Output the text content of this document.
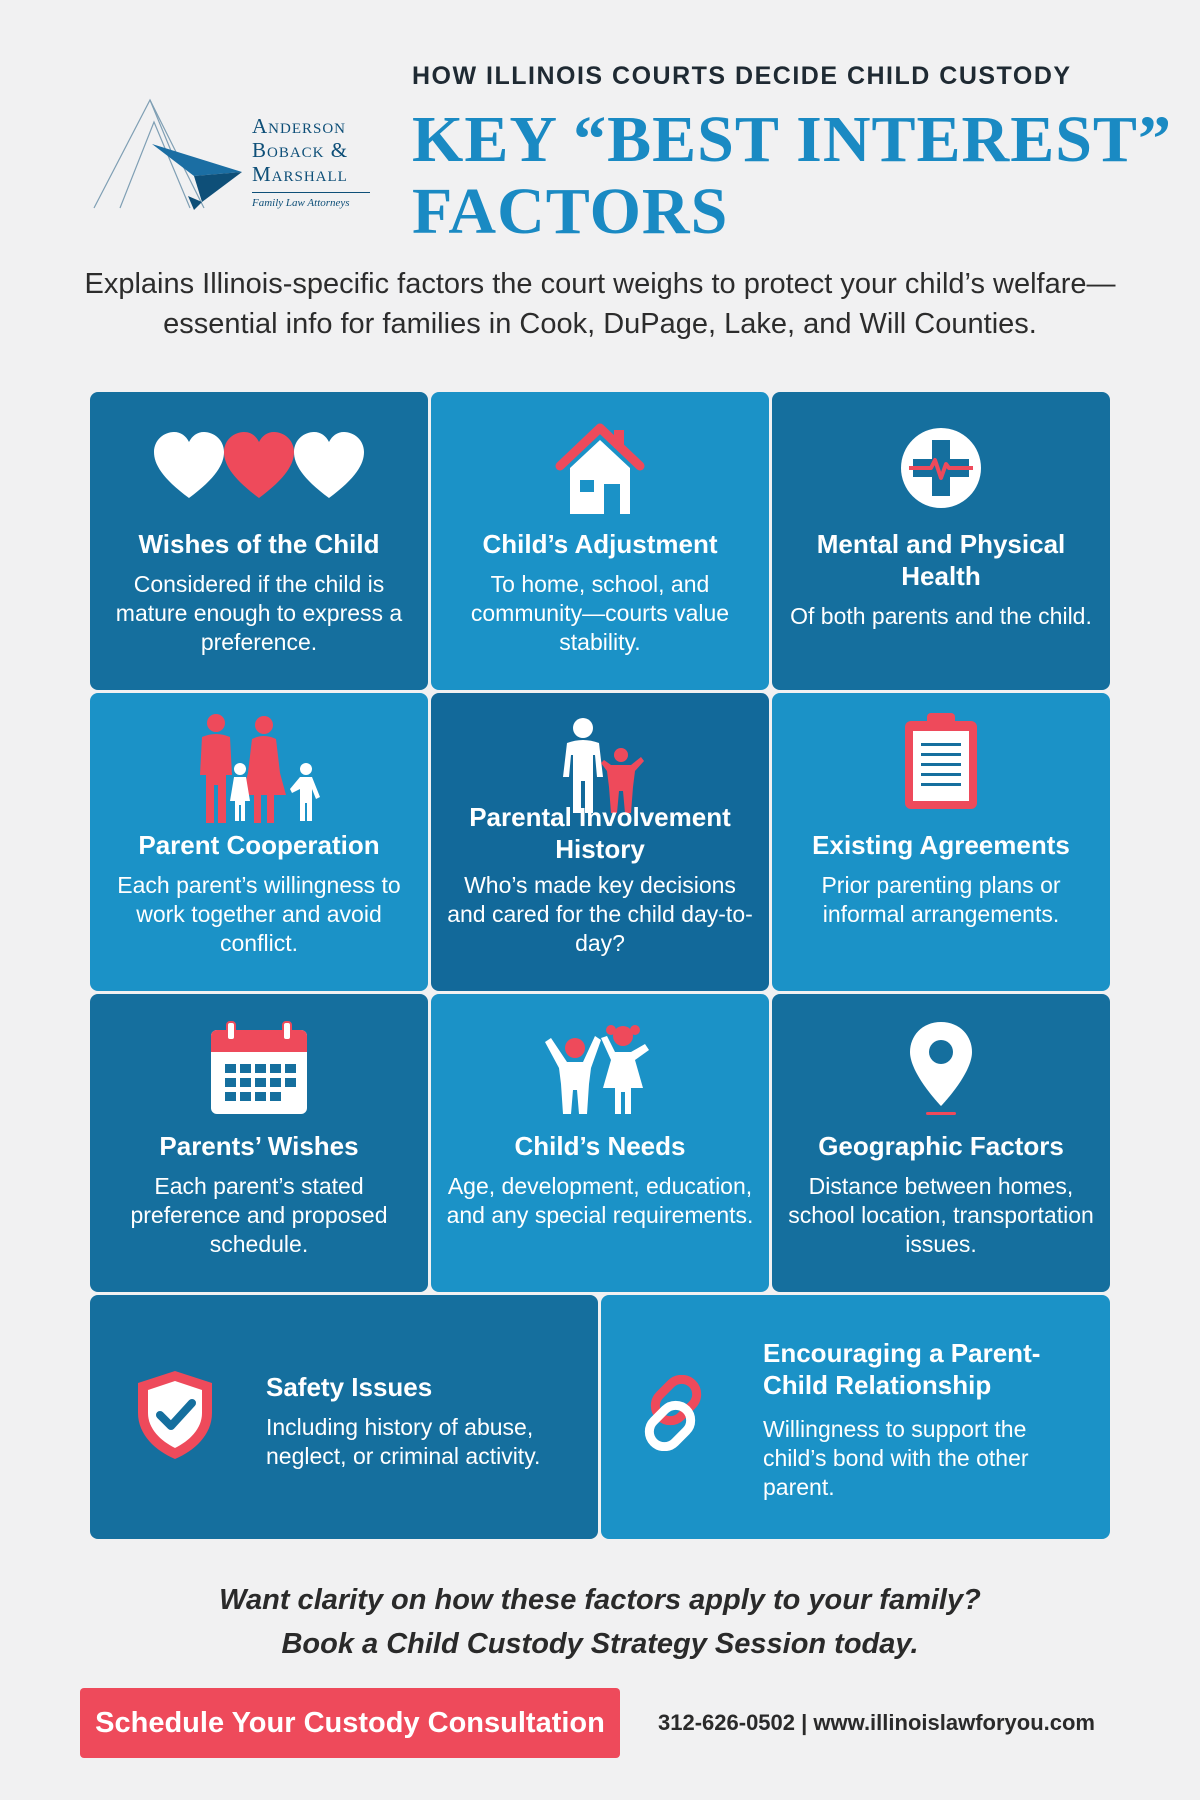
Anderson
Boback &
Marshall
Family Law Attorneys
HOW ILLINOIS COURTS DECIDE CHILD CUSTODY
KEY “BEST INTEREST”
FACTORS
Explains Illinois-specific factors the court weighs to protect your child’s welfare—essential info for families in Cook, DuPage, Lake, and Will Counties.
Wishes of the Child

Considered if the child is mature enough to express a preference.

Child’s Adjustment

To home, school, and community—courts value stability.

Mental and Physical Health

Of both parents and the child.

Parent Cooperation

Each parent’s willingness to work together and avoid conflict.

Parental Involvement History

Who’s made key decisions and cared for the child day-to-day?

Existing Agreements

Prior parenting plans or informal arrangements.

Parents’ Wishes

Each parent’s stated preference and proposed schedule.

Child’s Needs

Age, development, education, and any special requirements.

Geographic Factors

Distance between homes, school location, transportation issues.

Safety Issues

Including history of abuse, neglect, or criminal activity.

Encouraging a Parent-Child Relationship

Willingness to support the child’s bond with the other parent.

Want clarity on how these factors apply to your family?
Book a Child Custody Strategy Session today.
Schedule Your Custody Consultation	312-626-0502 | www.illinoislawforyou.com
